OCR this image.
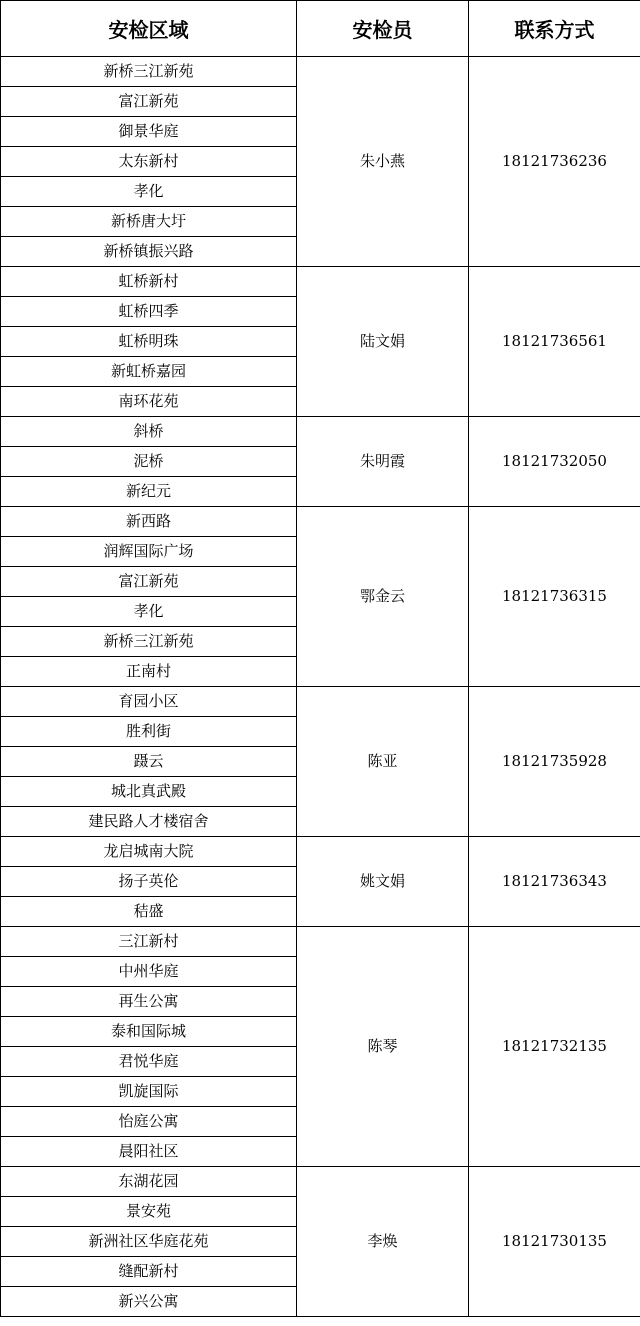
安检区域	安检员	联系方式
新桥三江新苑	朱小燕	18121736236
富江新苑		
御景华庭		
太东新村		
孝化		
新桥唐大圩		
新桥镇振兴路		
虹桥新村	陆文娟	18121736561
虹桥四季		
虹桥明珠		
新虹桥嘉园		
南环花苑		
斜桥	朱明霞	18121732050
泥桥		
新纪元		
新西路	鄂金云	18121736315
润辉国际广场		
富江新苑		
孝化		
新桥三江新苑		
正南村		
育园小区	陈亚	18121735928
胜利街		
蹑云		
城北真武殿		
建民路人才楼宿舍		
龙启城南大院	姚文娟	18121736343
扬子英伦		
秸盛		
三江新村	陈琴	18121732135
中州华庭		
再生公寓		
泰和国际城		
君悦华庭		
凯旋国际		
怡庭公寓		
晨阳社区		
东湖花园	李焕	18121730135
景安苑		
新洲社区华庭花苑		
缝配新村		
新兴公寓		
